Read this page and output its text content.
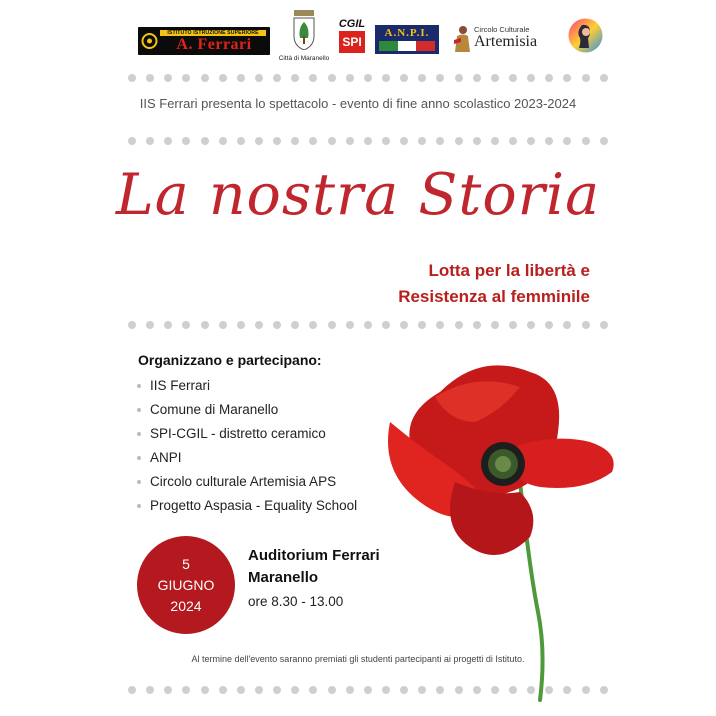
ISTITUTO ISTRUZIONE SUPERIORE
A. Ferrari
Città di Maranello
CGIL
SPI
A.N.P.I.	Circolo Culturale
Artemisia
IIS Ferrari presenta lo spettacolo - evento di fine anno scolastico 2023-2024
La nostra Storia
Lotta per la libertà e
Resistenza al femminile
Organizzano e partecipano:
IIS Ferrari
Comune di Maranello
SPI-CGIL - distretto ceramico
ANPI
Circolo culturale Artemisia APS
Progetto Aspasia - Equality School
5
GIUGNO
2024
Auditorium Ferrari
Maranello
ore 8.30 - 13.00
Al termine dell'evento saranno premiati gli studenti partecipanti ai progetti di Istituto.
